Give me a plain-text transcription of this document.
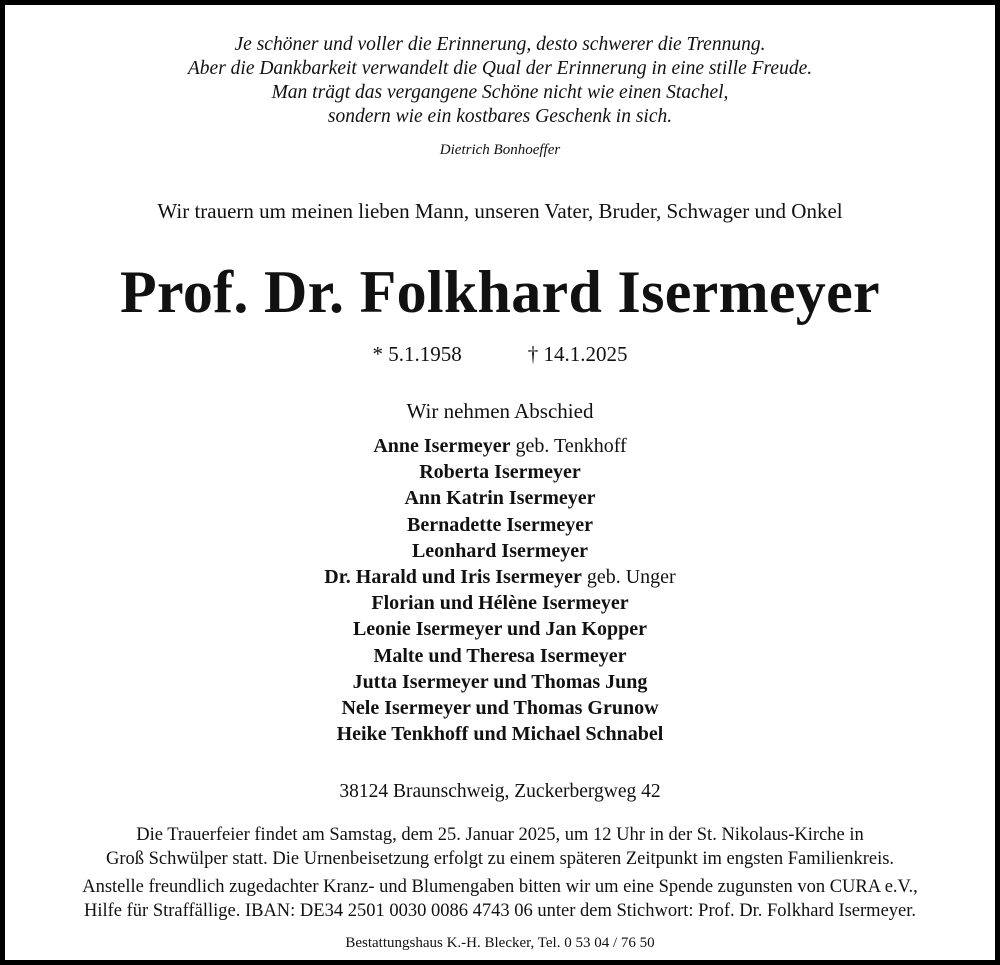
Je schöner und voller die Erinnerung, desto schwerer die Trennung.
Aber die Dankbarkeit verwandelt die Qual der Erinnerung in eine stille Freude.
Man trägt das vergangene Schöne nicht wie einen Stachel,
sondern wie ein kostbares Geschenk in sich.
Dietrich Bonhoeffer
Wir trauern um meinen lieben Mann, unseren Vater, Bruder, Schwager und Onkel
Prof. Dr. Folkhard Isermeyer
* 5.1.1958	† 14.1.2025
Wir nehmen Abschied
Anne Isermeyer geb. Tenkhoff
Roberta Isermeyer
Ann Katrin Isermeyer
Bernadette Isermeyer
Leonhard Isermeyer
Dr. Harald und Iris Isermeyer geb. Unger
Florian und Hélène Isermeyer
Leonie Isermeyer und Jan Kopper
Malte und Theresa Isermeyer
Jutta Isermeyer und Thomas Jung
Nele Isermeyer und Thomas Grunow
Heike Tenkhoff und Michael Schnabel
38124 Braunschweig, Zuckerbergweg 42
Die Trauerfeier findet am Samstag, dem 25. Januar 2025, um 12 Uhr in der St. Nikolaus-Kirche in
Groß Schwülper statt. Die Urnenbeisetzung erfolgt zu einem späteren Zeitpunkt im engsten Familienkreis.
Anstelle freundlich zugedachter Kranz- und Blumengaben bitten wir um eine Spende zugunsten von CURA e.V.,
Hilfe für Straffällige. IBAN: DE34 2501 0030 0086 4743 06 unter dem Stichwort: Prof. Dr. Folkhard Isermeyer.
Bestattungshaus K.-H. Blecker, Tel. 0 53 04 / 76 50
